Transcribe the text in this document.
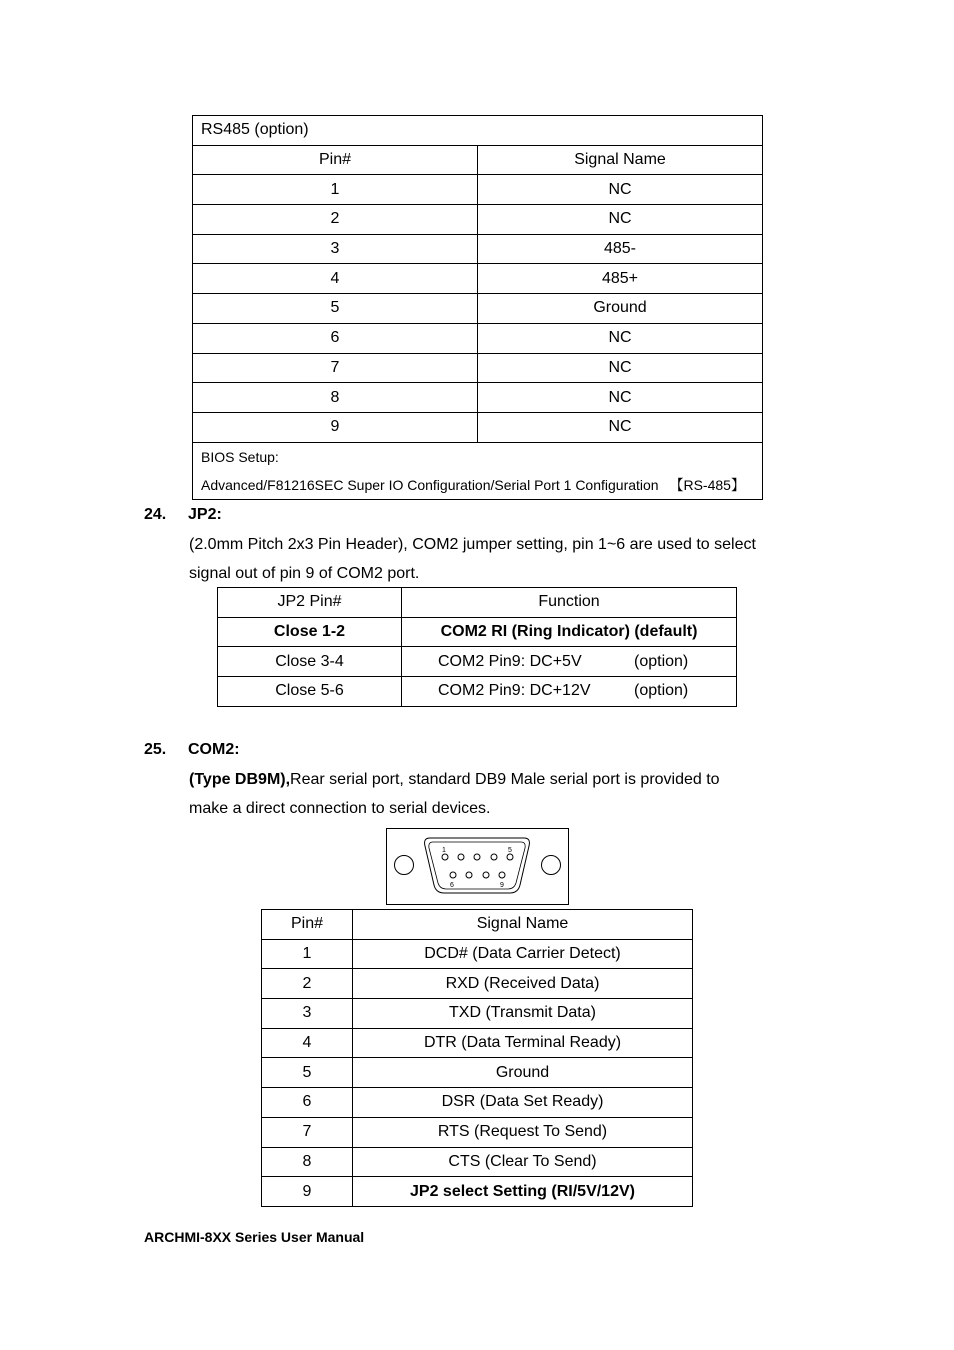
RS485 (option)	
Pin#	Signal Name
1	NC
2	NC
3	485-
4	485+
5	Ground
6	NC
7	NC
8	NC
9	NC

BIOS Setup:
Advanced/F81216SEC Super IO Configuration/Serial Port 1 Configuration 　【RS-485】	
24. JP2:
(2.0mm Pitch 2x3 Pin Header), COM2 jumper setting, pin 1~6 are used to select
signal out of pin 9 of COM2 port.
JP2 Pin#	Function
Close 1-2	COM2 RI (Ring Indicator) (default)
Close 3-4	COM2 Pin9: DC+5V (option)

Close 5-6	COM2 Pin9: DC+12V (option)
25. COM2:
(Type DB9M),Rear serial port, standard DB9 Male serial port is provided to
make a direct connection to serial devices.
1	5
6	9
Pin#	Signal Name
1	DCD# (Data Carrier Detect)
2	RXD (Received Data)
3	TXD (Transmit Data)
4	DTR (Data Terminal Ready)
5	Ground
6	DSR (Data Set Ready)
7	RTS (Request To Send)
8	CTS (Clear To Send)
9	JP2 select Setting (RI/5V/12V)
ARCHMI-8XX Series User Manual
